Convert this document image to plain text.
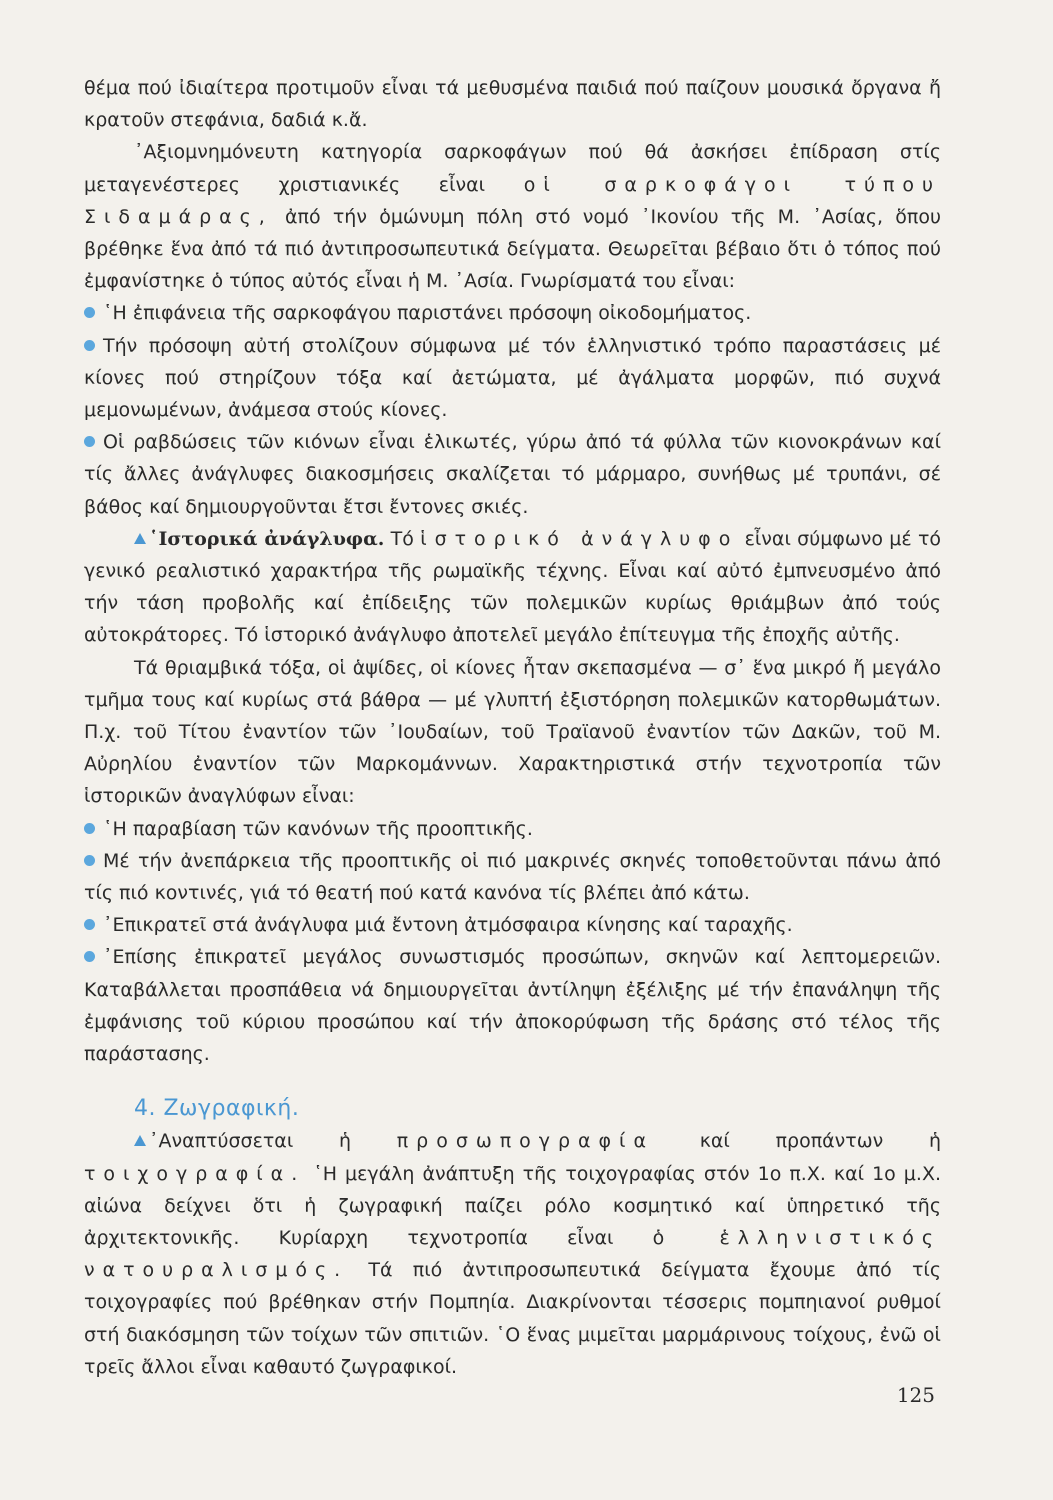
θέμα πού ἰδιαίτερα προτιμοῦν εἶναι τά μεθυσμένα παιδιά πού παίζουν μουσικά ὄργανα ἤ κρατοῦν στεφάνια, δαδιά κ.ἄ.

᾿Αξιομνημόνευτη κατηγορία σαρκοφάγων πού θά ἀσκήσει ἐπίδραση στίς μεταγενέστερες χριστιανικές εἶναι οἱ σαρκοφάγοι τύπου Σιδαμάρας, ἀπό τήν ὁμώνυμη πόλη στό νομό ᾿Ικονίου τῆς Μ. ᾿Ασίας, ὅπου βρέθηκε ἕνα ἀπό τά πιό ἀντιπροσωπευτικά δείγματα. Θεωρεῖται βέβαιο ὅτι ὁ τόπος πού ἐμφανίστηκε ὁ τύπος αὐτός εἶναι ἡ Μ. ᾿Ασία. Γνωρίσματά του εἶναι:

῾Η ἐπιφάνεια τῆς σαρκοφάγου παριστάνει πρόσοψη οἰκοδομήματος.

Τήν πρόσοψη αὐτή στολίζουν σύμφωνα μέ τόν ἑλληνιστικό τρόπο παραστάσεις μέ κίονες πού στηρίζουν τόξα καί ἀετώματα, μέ ἀγάλματα μορφῶν, πιό συχνά μεμονωμένων, ἀνάμεσα στούς κίονες.

Οἱ ραβδώσεις τῶν κιόνων εἶναι ἑλικωτές, γύρω ἀπό τά φύλλα τῶν κιονοκράνων καί τίς ἄλλες ἀνάγλυφες διακοσμήσεις σκαλίζεται τό μάρμαρο, συνήθως μέ τρυπάνι, σέ βάθος καί δημιουργοῦνται ἔτσι ἔντονες σκιές.

῾Ιστορικά ἀνάγλυφα. Τό ἱστορικό ἀνάγλυφο εἶναι σύμφωνο μέ τό γενικό ρεαλιστικό χαρακτήρα τῆς ρωμαϊκῆς τέχνης. Εἶναι καί αὐτό ἐμπνευσμένο ἀπό τήν τάση προβολῆς καί ἐπίδειξης τῶν πολεμικῶν κυρίως θριάμβων ἀπό τούς αὐτοκράτορες. Τό ἱστορικό ἀνάγλυφο ἀποτελεῖ μεγάλο ἐπίτευγμα τῆς ἐποχῆς αὐτῆς.

Τά θριαμβικά τόξα, οἱ ἁψίδες, οἱ κίονες ἦταν σκεπασμένα — σ᾿ ἕνα μικρό ἤ μεγάλο τμῆμα τους καί κυρίως στά βάθρα — μέ γλυπτή ἐξιστόρηση πολεμικῶν κατορθωμάτων. Π.χ. τοῦ Τίτου ἐναντίον τῶν ᾿Ιουδαίων, τοῦ Τραϊανοῦ ἐναντίον τῶν Δακῶν, τοῦ Μ. Αὐρηλίου ἐναντίον τῶν Μαρκομάννων. Χαρακτηριστικά στήν τεχνοτροπία τῶν ἱστορικῶν ἀναγλύφων εἶναι:

῾Η παραβίαση τῶν κανόνων τῆς προοπτικῆς.

Μέ τήν ἀνεπάρκεια τῆς προοπτικῆς οἱ πιό μακρινές σκηνές τοποθετοῦνται πάνω ἀπό τίς πιό κοντινές, γιά τό θεατή πού κατά κανόνα τίς βλέπει ἀπό κάτω.

᾿Επικρατεῖ στά ἀνάγλυφα μιά ἔντονη ἀτμόσφαιρα κίνησης καί ταραχῆς.

᾿Επίσης ἐπικρατεῖ μεγάλος συνωστισμός προσώπων, σκηνῶν καί λεπτομερειῶν. Καταβάλλεται προσπάθεια νά δημιουργεῖται ἀντίληψη ἐξέλιξης μέ τήν ἐπανάληψη τῆς ἐμφάνισης τοῦ κύριου προσώπου καί τήν ἀποκορύφωση τῆς δράσης στό τέλος τῆς παράστασης.

4. Ζωγραφική.

᾿Αναπτύσσεται ἡ προσωπογραφία καί προπάντων ἡ τοιχογραφία. ῾Η μεγάλη ἀνάπτυξη τῆς τοιχογραφίας στόν 1ο π.Χ. καί 1ο μ.Χ. αἰώνα δείχνει ὅτι ἡ ζωγραφική παίζει ρόλο κοσμητικό καί ὑπηρετικό τῆς ἀρχιτεκτονικῆς. Κυρίαρχη τεχνοτροπία εἶναι ὁ ἑλληνιστικός νατουραλισμός. Τά πιό ἀντιπροσωπευτικά δείγματα ἔχουμε ἀπό τίς τοιχογραφίες πού βρέθηκαν στήν Πομπηία. Διακρίνονται τέσσερις πομπηιανοί ρυθμοί στή διακόσμηση τῶν τοίχων τῶν σπιτιῶν. ῾Ο ἕνας μιμεῖται μαρμάρινους τοίχους, ἐνῶ οἱ τρεῖς ἄλλοι εἶναι καθαυτό ζωγραφικοί.

125
